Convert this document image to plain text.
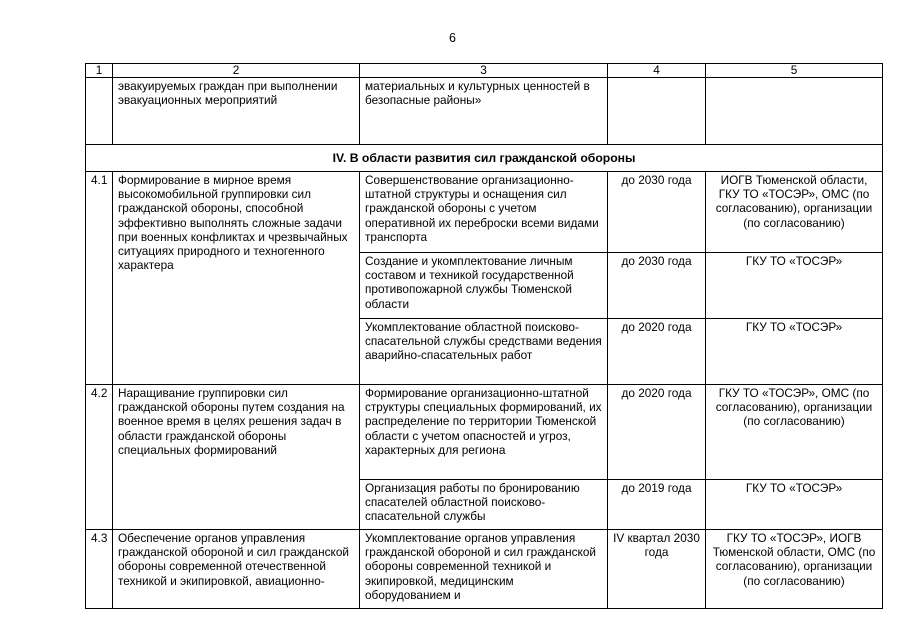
6
1	2	3	4	5
	эвакуируемых граждан при выполнении эвакуационных мероприятий	материальных и культурных ценностей в безопасные районы»		
IV. В области развития сил гражданской обороны				
4.1	Формирование в мирное время высокомобильной группировки сил гражданской обороны, способной эффективно выполнять сложные задачи при военных конфликтах и чрезвычайных ситуациях природного и техногенного характера	Совершенствование организационно-штатной структуры и оснащения сил гражданской обороны с учетом оперативной их переброски всеми видами транспорта	до 2030 года	ИОГВ Тюменской области, ГКУ ТО «ТОСЭР», ОМС (по согласованию), организации (по согласованию)
		Создание и укомплектование личным составом и техникой государственной противопожарной службы Тюменской области	до 2030 года	ГКУ ТО «ТОСЭР»
		Укомплектование областной поисково-спасательной службы средствами ведения аварийно-спасательных работ	до 2020 года	ГКУ ТО «ТОСЭР»
4.2	Наращивание группировки сил гражданской обороны путем создания на военное время в целях решения задач в области гражданской обороны специальных формирований	Формирование организационно-штатной структуры специальных формирований, их распределение по территории Тюменской области с учетом опасностей и угроз, характерных для региона	до 2020 года	ГКУ ТО «ТОСЭР», ОМС (по согласованию), организации (по согласованию)
		Организация работы по бронированию спасателей областной поисково-спасательной службы	до 2019 года	ГКУ ТО «ТОСЭР»
4.3	Обеспечение органов управления гражданской обороной и сил гражданской обороны современной отечественной техникой и экипировкой, авиационно-	Укомплектование органов управления гражданской обороной и сил гражданской обороны современной техникой и экипировкой, медицинским оборудованием и	IV квартал 2030 года	ГКУ ТО «ТОСЭР», ИОГВ Тюменской области, ОМС (по согласованию), организации (по согласованию)
